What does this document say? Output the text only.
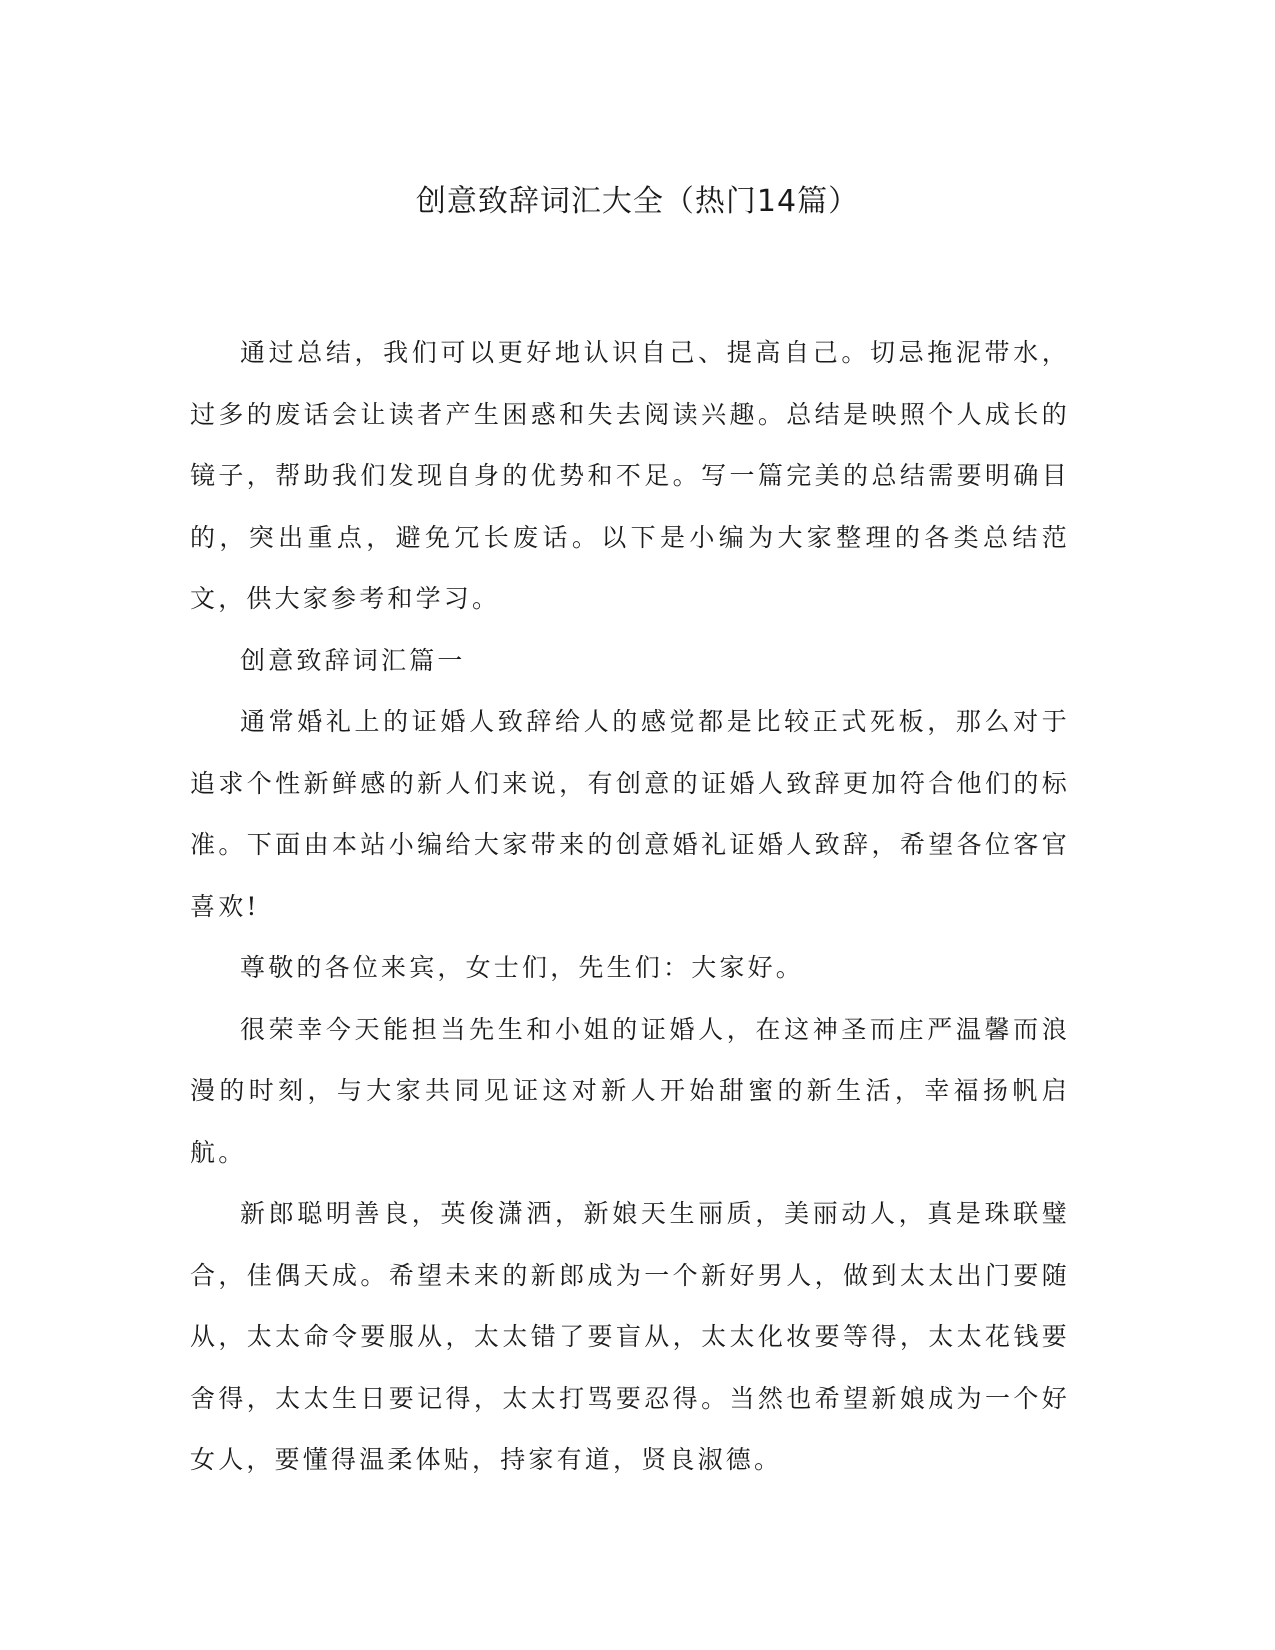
创意致辞词汇大全（热门14篇）

通过总结，我们可以更好地认识自己、提高自己。切忌拖泥带水，过多的废话会让读者产生困惑和失去阅读兴趣。总结是映照个人成长的镜子，帮助我们发现自身的优势和不足。写一篇完美的总结需要明确目的，突出重点，避免冗长废话。以下是小编为大家整理的各类总结范文，供大家参考和学习。

创意致辞词汇篇一

通常婚礼上的证婚人致辞给人的感觉都是比较正式死板，那么对于追求个性新鲜感的新人们来说，有创意的证婚人致辞更加符合他们的标准。下面由本站小编给大家带来的创意婚礼证婚人致辞，希望各位客官喜欢!

尊敬的各位来宾，女士们，先生们：大家好。

很荣幸今天能担当先生和小姐的证婚人，在这神圣而庄严温馨而浪漫的时刻，与大家共同见证这对新人开始甜蜜的新生活，幸福扬帆启航。

新郎聪明善良，英俊潇洒，新娘天生丽质，美丽动人，真是珠联璧合，佳偶天成。希望未来的新郎成为一个新好男人，做到太太出门要随从，太太命令要服从，太太错了要盲从，太太化妆要等得，太太花钱要舍得，太太生日要记得，太太打骂要忍得。当然也希望新娘成为一个好女人，要懂得温柔体贴，持家有道，贤良淑德。
